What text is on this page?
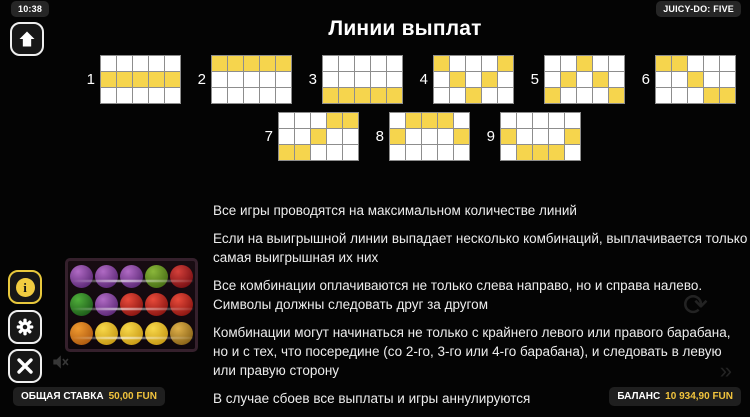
10:38	JUICY-DO: FIVE
Линии выплат
1	2	3	4	5	6
7	8	9
Все игры проводятся на максимальном количестве линий
Если на выигрышной линии выпадает несколько комбинаций, выплачивается только
самая выигрышная их них
Все комбинации оплачиваются не только слева направо, но и справа налево.
Символы должны следовать друг за другом
Комбинации могут начинаться не только с крайнего левого или правого барабана,
но и с тех, что посередине (со 2-го, 3-го или 4-го барабана), и следовать в левую
или правую сторону
В случае сбоев все выплаты и игры аннулируются
⟳
»
i
ОБЩАЯ СТАВКА 50,00 FUN	БАЛАНС 10 934,90 FUN
